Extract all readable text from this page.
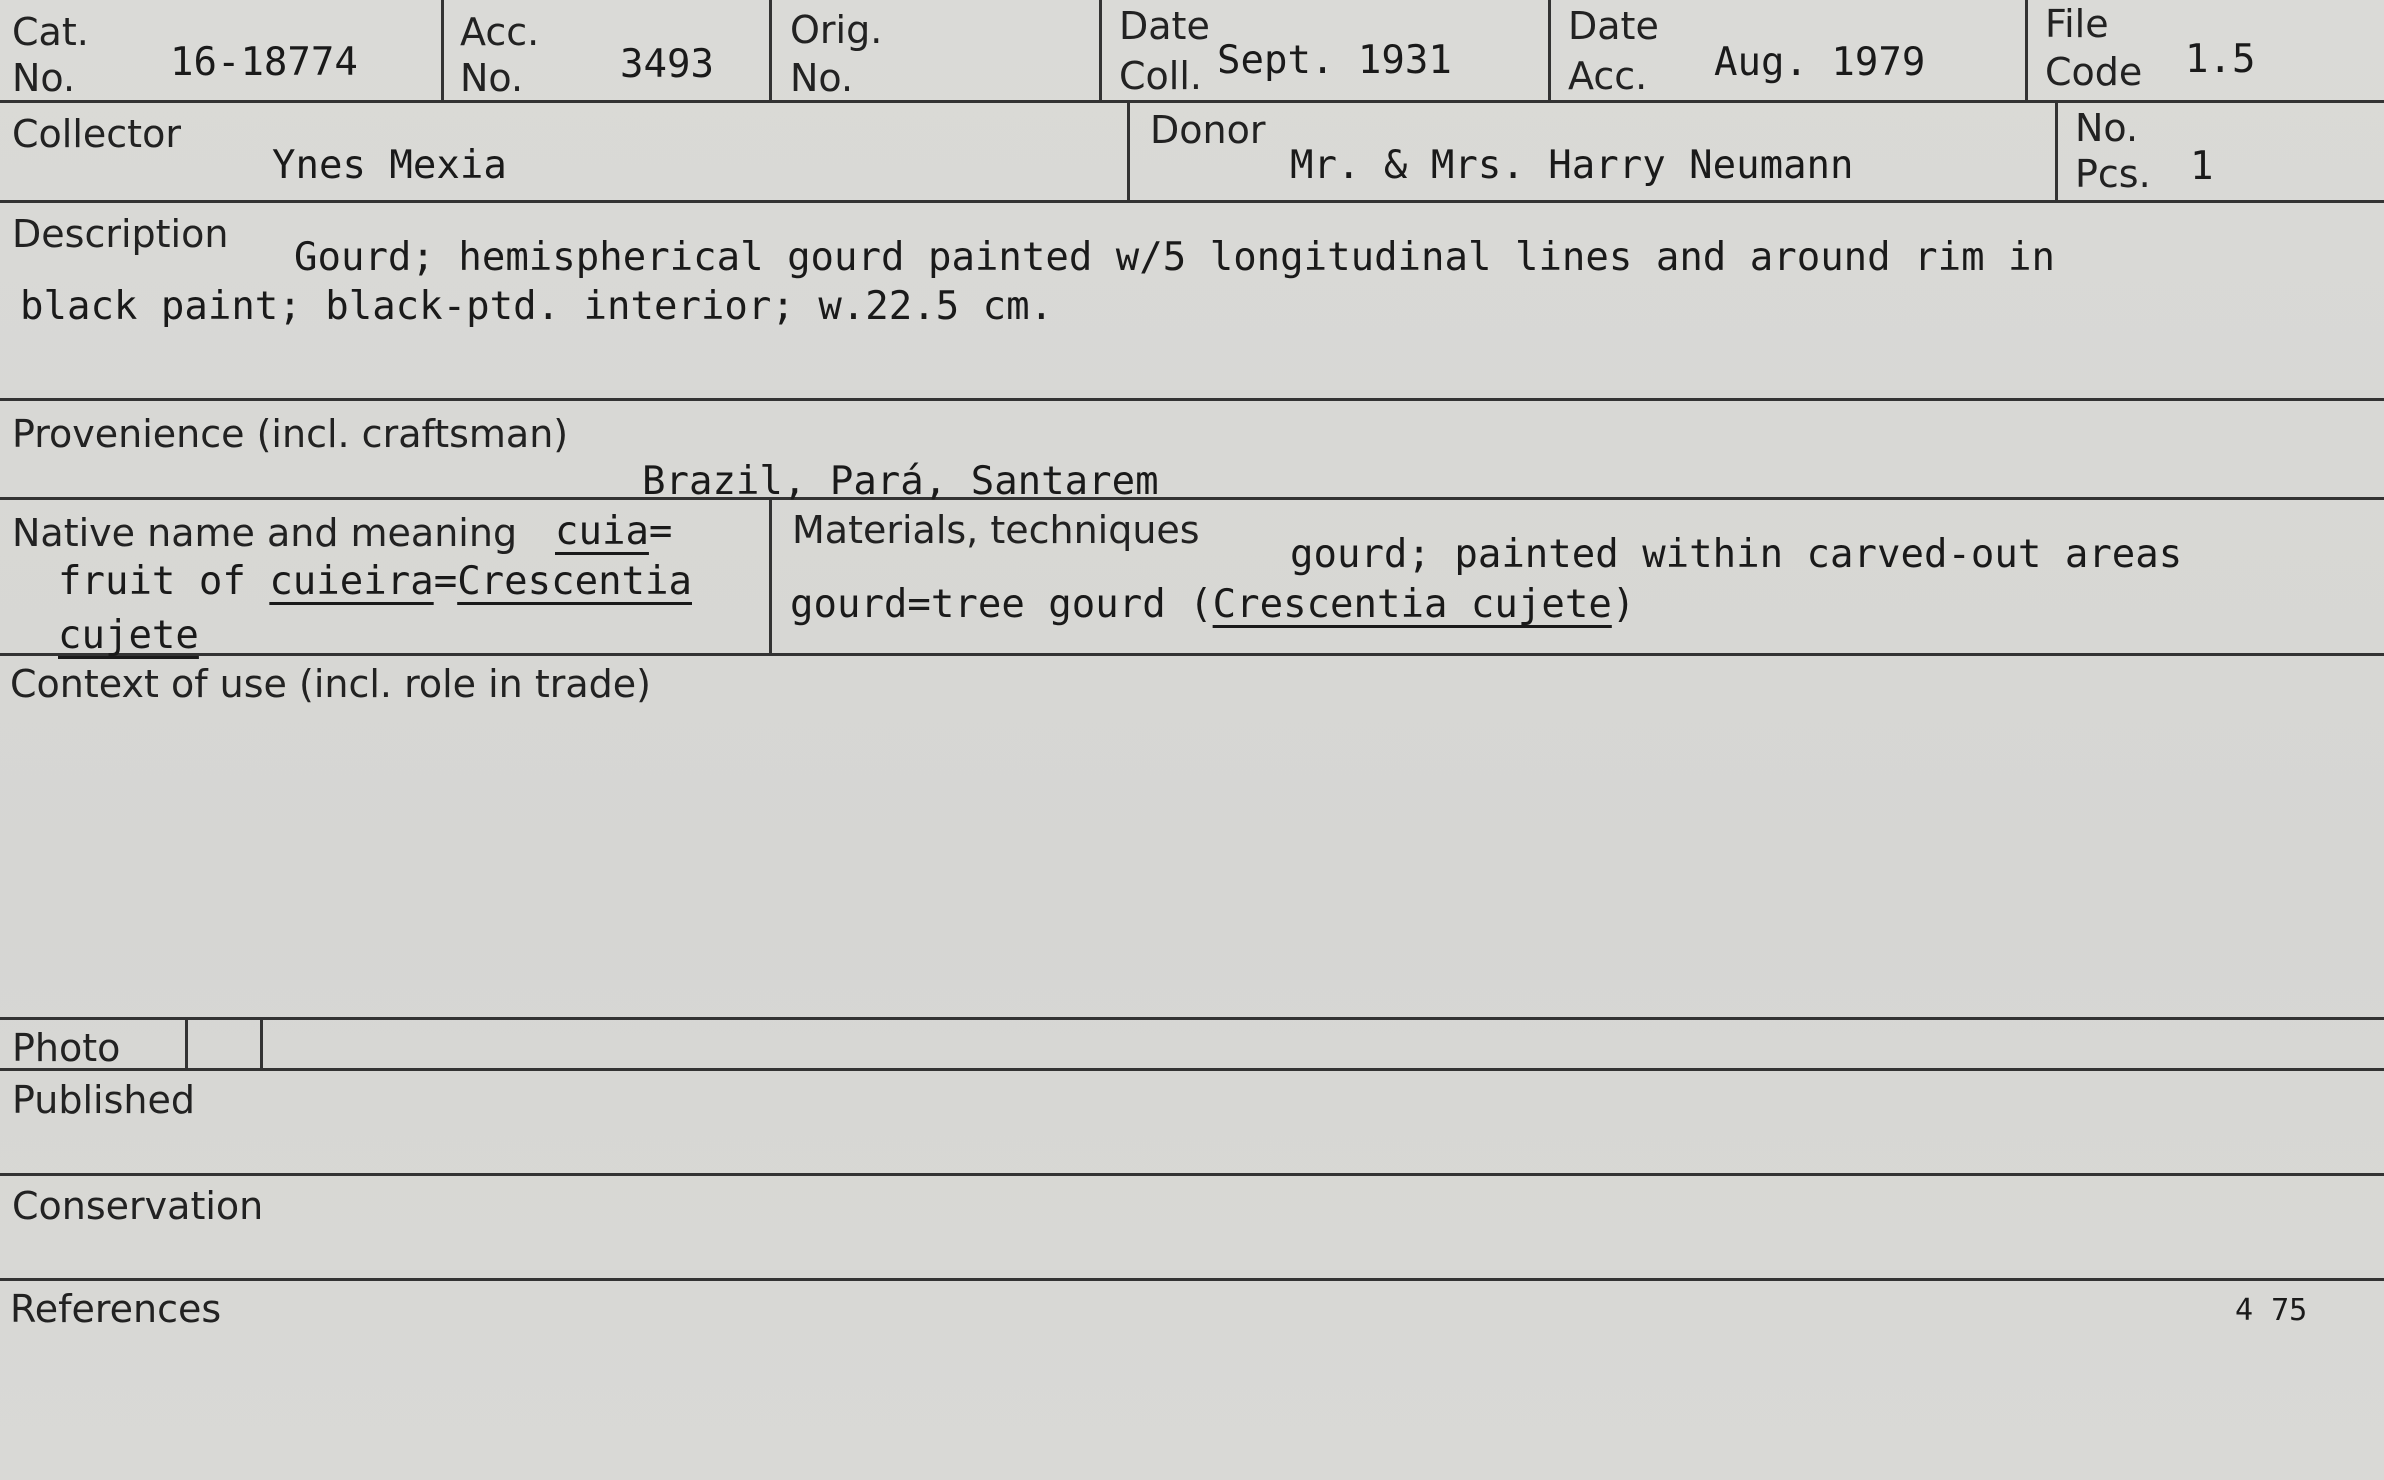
Cat.
No. 16-18774
Acc.
No. 3493
Orig.
No.
Date
Coll. Sept. 1931
Date
Acc. Aug. 1979
File
Code 1.5
Collector
Ynes Mexia
Donor
Mr. & Mrs. Harry Neumann
No.
Pcs. 1
Description
Gourd; hemispherical gourd painted w/5 longitudinal lines and around rim in
black paint; black-ptd. interior; w.22.5 cm.
Provenience (incl. craftsman)
Brazil, Pará, Santarem
Native name and meaning cuia=
fruit of cuieira=Crescentia
cujete
Materials, techniques
gourd; painted within carved-out areas
gourd=tree gourd (Crescentia cujete)
Context of use (incl. role in trade)
Photo
Published
Conservation
References	4 75
